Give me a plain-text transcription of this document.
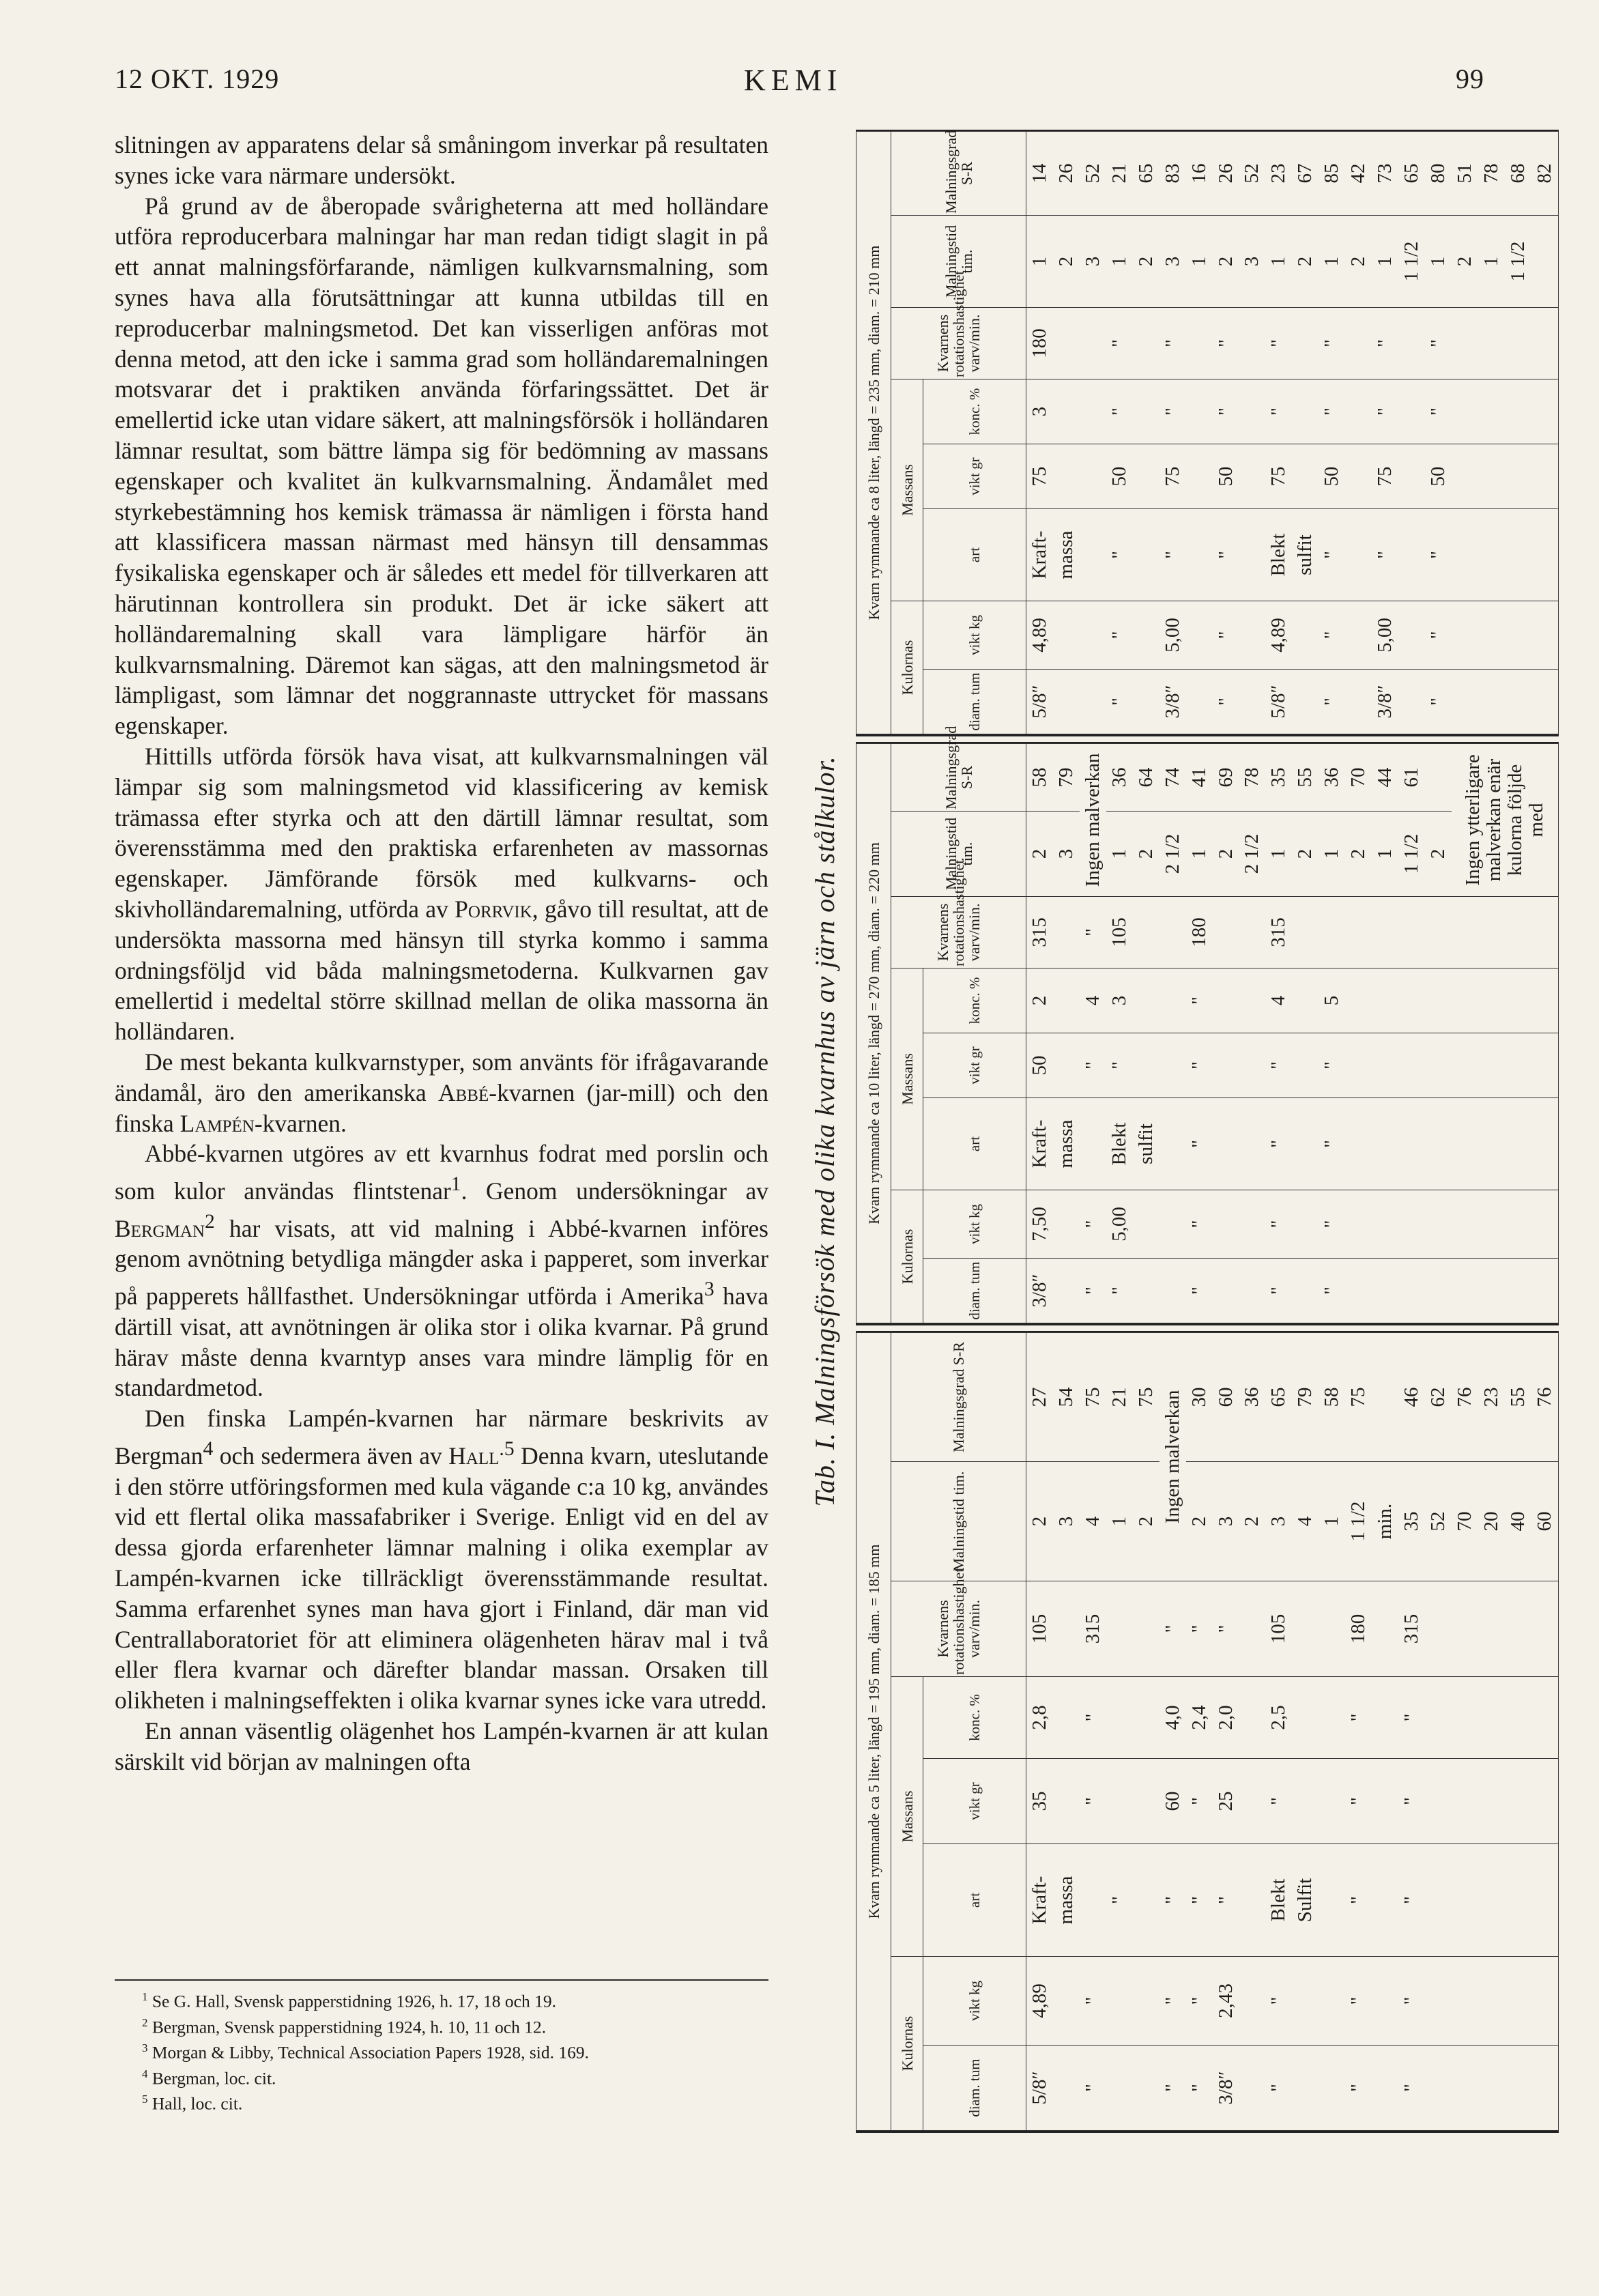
12 OKT. 1929	KEMI	99

slitningen av apparatens delar så småningom inverkar på resultaten synes icke vara närmare undersökt.

På grund av de åberopade svårigheterna att med holländare utföra reproducerbara malningar har man redan tidigt slagit in på ett annat malningsförfarande, nämligen kulkvarnsmalning, som synes hava alla förutsättningar att kunna utbildas till en reproducerbar malningsmetod. Det kan visserligen anföras mot denna metod, att den icke i samma grad som holländaremalningen motsvarar det i praktiken använda förfaringssättet. Det är emellertid icke utan vidare säkert, att malningsförsök i holländaren lämnar resultat, som bättre lämpa sig för bedömning av massans egenskaper och kvalitet än kulkvarnsmalning. Ändamålet med styrkebestämning hos kemisk trämassa är nämligen i första hand att klassificera massan närmast med hänsyn till densammas fysikaliska egenskaper och är således ett medel för tillverkaren att härutinnan kontrollera sin produkt. Det är icke säkert att holländaremalning skall vara lämpligare härför än kulkvarnsmalning. Däremot kan sägas, att den malningsmetod är lämpligast, som lämnar det noggrannaste uttrycket för massans egenskaper.

Hittills utförda försök hava visat, att kulkvarnsmalningen väl lämpar sig som malningsmetod vid klassificering av kemisk trämassa efter styrka och att den därtill lämnar resultat, som överensstämma med den praktiska erfarenheten av massornas egenskaper. Jämförande försök med kulkvarns- och skivholländaremalning, utförda av Porrvik, gåvo till resultat, att de undersökta massorna med hänsyn till styrka kommo i samma ordningsföljd vid båda malningsmetoderna. Kulkvarnen gav emellertid i medeltal större skillnad mellan de olika massorna än holländaren.

De mest bekanta kulkvarnstyper, som använts för ifrågavarande ändamål, äro den amerikanska Abbé-kvarnen (jar-mill) och den finska Lampén-kvarnen.

Abbé-kvarnen utgöres av ett kvarnhus fodrat med porslin och som kulor användas flintstenar$^1$. Genom undersökningar av Bergman$^2$ har visats, att vid malning i Abbé-kvarnen införes genom avnötning betydliga mängder aska i papperet, som inverkar på papperets hållfasthet. Undersökningar utförda i Amerika$^3$ hava därtill visat, att avnötningen är olika stor i olika kvarnar. På grund härav måste denna kvarntyp anses vara mindre lämplig för en standardmetod.

Den finska Lampén-kvarnen har närmare beskrivits av Bergman$^4$ och sedermera även av Hall$^{.5}$ Denna kvarn, uteslutande i den större utföringsformen med kula vägande c:a 10 kg, användes vid ett flertal olika massafabriker i Sverige. Enligt vid en del av dessa gjorda erfarenheter lämnar malning i olika exemplar av Lampén-kvarnen icke tillräckligt överensstämmande resultat. Samma erfarenhet synes man hava gjort i Finland, där man vid Centrallaboratoriet för att eliminera olägenheten härav mal i två eller flera kvarnar och därefter blandar massan. Orsaken till olikheten i malningseffekten i olika kvarnar synes icke vara utredd.

En annan väsentlig olägenhet hos Lampén-kvarnen är att kulan särskilt vid början av malningen ofta

$^1$ Se G. Hall, Svensk papperstidning 1926, h. 17, 18 och 19.
$^2$ Bergman, Svensk papperstidning 1924, h. 10, 11 och 12.
$^3$ Morgan & Libby, Technical Association Papers 1928, sid. 169.
$^4$ Bergman, loc. cit.
$^5$ Hall, loc. cit.
Tab. I. Malningsförsök med olika kvarnhus av järn och stålkulor.
Kvarn rymmande ca 5 liter, längd = 195 mm, diam. = 185 mm							
Kulornas		Massans			Kvarnens rotationshastighet varv/min.	Malningstid tim.	Malningsgrad S-R
diam. tum	vikt kg	art	vikt gr	konc. %			
5/8″	4,89	Kraft-	35	2,8	105	2	27
		massa				3	54
"	"		"	"	315	4	75
		"				1	21
						2	75
"	"	"	60	4,0	"	Ingen malverkan	
"	"	"	"	2,4	"	2	30
3/8″	2,43	"	25	2,0	"	3	60
						2	36
"	"	Blekt	"	2,5	105	3	65
		Sulfit				4	79
						1	58
"	"	"	"	"	180	1 1/2	75
						min.	
"	"	"	"	"	315	35	46
						52	62
						70	76
						20	23
						40	55
						60	76
Kvarn rymmande ca 10 liter, längd = 270 mm, diam. = 220 mm							
Kulornas		Massans			Kvarnens rotationshastighet varv/min.	Malningstid tim.	Malningsgrad S-R
diam. tum	vikt kg	art	vikt gr	konc. %			
3/8″	7,50	Kraft-	50	2	315	2	58
		massa				3	79
"	"		"	4	"	Ingen malverkan	
"	5,00	Blekt	"	3	105	1	36
		sulfit				2	64
						2 1/2	74
"	"	"	"	"	180	1	41
						2	69
						2 1/2	78
"	"	"	"	4	315	1	35
						2	55
"	"	"	"	5		1	36
						2	70
						1	44
						1 1/2	61
						2	
						Ingen ytterligare malverkan enär kulorna följde med	
Kvarn rymmande ca 8 liter, längd = 235 mm, diam. = 210 mm							
Kulornas		Massans			Kvarnens rotationshastighet varv/min.	Malningstid tim.	Malningsgrad S-R
diam. tum	vikt kg	art	vikt gr	konc. %			
5/8″	4,89	Kraft-	75	3	180	1	14
		massa				2	26
						3	52
"	"	"	50	"	"	1	21
						2	65
3/8″	5,00	"	75	"	"	3	83
						1	16
"	"	"	50	"	"	2	26
						3	52
5/8″	4,89	Blekt	75	"	"	1	23
		sulfit				2	67
"	"	"	50	"	"	1	85
						2	42
3/8″	5,00	"	75	"	"	1	73
						1 1/2	65
"	"	"	50	"	"	1	80
						2	51
						1	78
						1 1/2	68
							82
